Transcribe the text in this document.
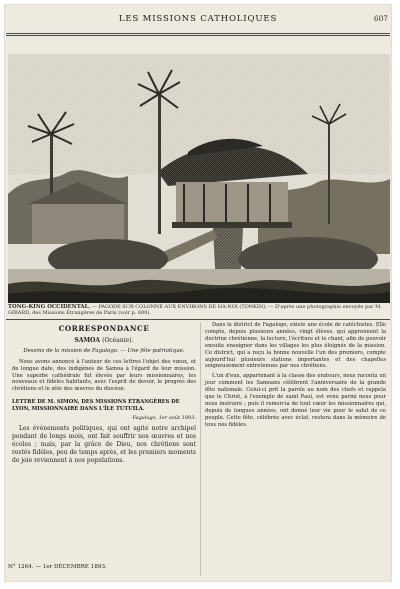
LES MISSIONS CATHOLIQUES	607
TONG-KING OCCIDENTAL. — PAGODE SUR COLONNE AUX ENVIRONS DE HA-NOI (TONKIN). — D'après une photographie envoyée par M. GIRARD, des Missions Étrangères de Paris (voir p. 609).
CORRESPONDANCE
SAMOA (Océanie).
Dessins de la mission de Fagalogo. — Une fête patriotique.

Nous avons annoncé à l'auteur de ces lettres l'objet des vœux, et de longue date, des indigènes de Samoa à l'égard de leur mission. Une superbe cathédrale fut élevée par leurs missionnaires, les nouveaux et fidèles habitants, avec l'esprit de devoir, le progrès des chrétiens et le zèle des œuvres du diocèse.

LETTRE DE M. SIMON, DES MISSIONS ÉTRANGÈRES DE LYON, MISSIONNAIRE DANS L'ÎLE TUTUILA.
Fagalogo, 1er août 1893.

Les événements politiques, qui ont agité notre archipel pendant de longs mois, ont fait souffrir nos œuvres et nos écoles ; mais, par la grâce de Dieu, nos chrétiens sont restés fidèles, peu de temps après, et les premiers moments de joie reviennent à nos populations.

Dans le district de Fagalogo, existe une école de catéchistes. Elle compte, depuis plusieurs années, vingt élèves, qui apprennent la doctrine chrétienne, la lecture, l'écriture et le chant, afin de pouvoir ensuite enseigner dans les villages les plus éloignés de la mission. Ce district, qui a reçu la bonne nouvelle l'un des premiers, compte aujourd'hui plusieurs stations importantes et des chapelles soigneusement entretenues par nos chrétiens.

L'un d'eux, appartenant à la classe des orateurs, nous raconta un jour comment les Samoans célèbrent l'anniversaire de la grande fête nationale. Celui-ci prit la parole au nom des chefs et rappela que le Christ, à l'exemple de saint Paul, est venu parmi nous pour nous instruire ; puis il remercia de tout cœur les missionnaires qui, depuis de longues années, ont donné leur vie pour le salut de ce peuple. Cette fête, célébrée avec éclat, restera dans la mémoire de tous nos fidèles.

N° 1264. — 1er DÉCEMBRE 1893.
